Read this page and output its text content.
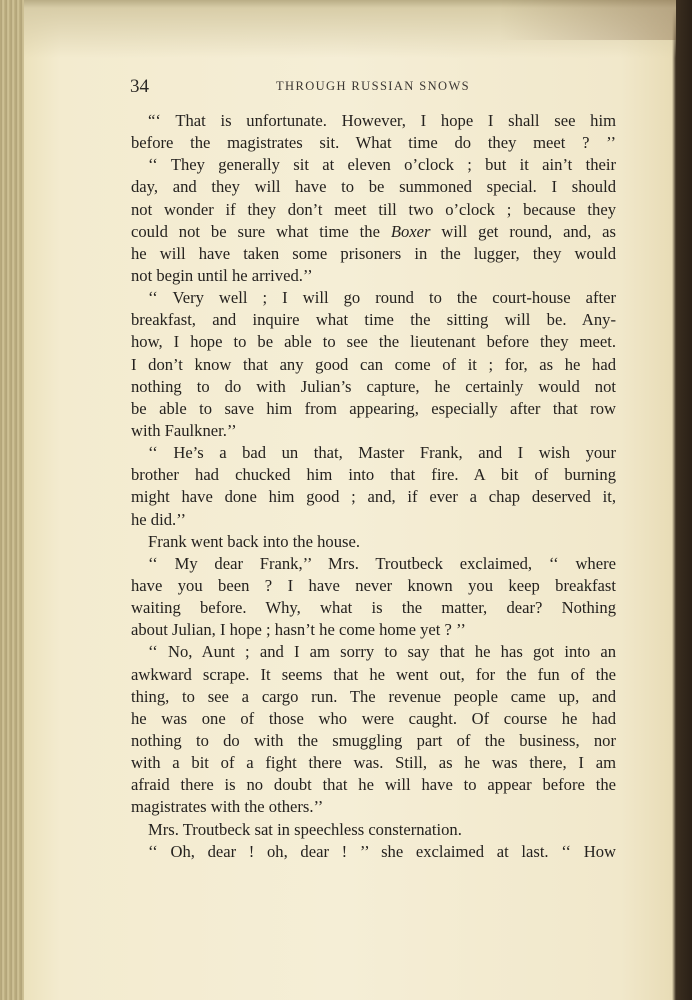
34	THROUGH RUSSIAN SNOWS
“‘ That is unfortunate. However, I hope I shall see him
before the magistrates sit. What time do they meet ? ’’
‘‘ They generally sit at eleven o’clock ; but it ain’t their
day, and they will have to be summoned special. I should
not wonder if they don’t meet till two o’clock ; because they
could not be sure what time the Boxer will get round, and, as
he will have taken some prisoners in the lugger, they would
not begin until he arrived.’’
‘‘ Very well ; I will go round to the court-house after
breakfast, and inquire what time the sitting will be. Any-
how, I hope to be able to see the lieutenant before they meet.
I don’t know that any good can come of it ; for, as he had
nothing to do with Julian’s capture, he certainly would not
be able to save him from appearing, especially after that row
with Faulkner.’’
‘‘ He’s a bad un that, Master Frank, and I wish your
brother had chucked him into that fire. A bit of burning
might have done him good ; and, if ever a chap deserved it,
he did.’’
Frank went back into the house.
‘‘ My dear Frank,’’ Mrs. Troutbeck exclaimed, ‘‘ where
have you been ? I have never known you keep breakfast
waiting before. Why, what is the matter, dear? Nothing
about Julian, I hope ; hasn’t he come home yet ? ’’
‘‘ No, Aunt ; and I am sorry to say that he has got into an
awkward scrape. It seems that he went out, for the fun of the
thing, to see a cargo run. The revenue people came up, and
he was one of those who were caught. Of course he had
nothing to do with the smuggling part of the business, nor
with a bit of a fight there was. Still, as he was there, I am
afraid there is no doubt that he will have to appear before the
magistrates with the others.’’
Mrs. Troutbeck sat in speechless consternation.
‘‘ Oh, dear ! oh, dear ! ’’ she exclaimed at last. ‘‘ How
